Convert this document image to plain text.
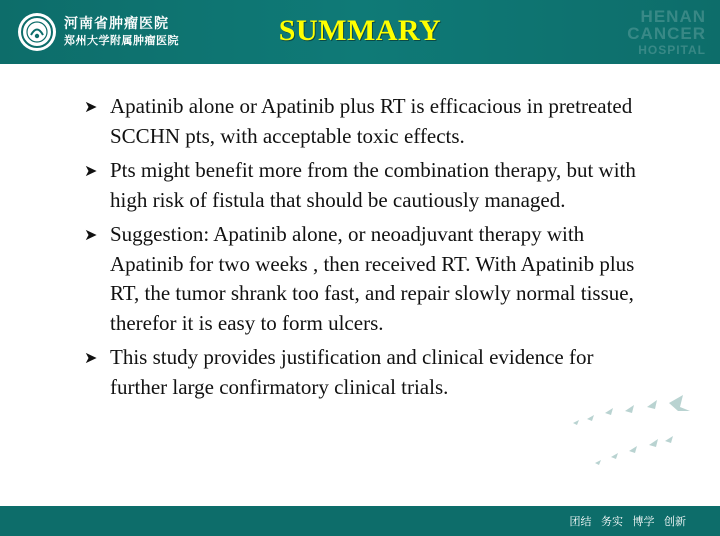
河南省肿瘤医院
郑州大学附属肿瘤医院	SUMMARY	HENAN
CANCER
HOSPITAL
➤ Apatinib alone or Apatinib plus RT is efficacious in pretreated SCCHN pts, with acceptable toxic effects.
➤ Pts might benefit more from the combination therapy, but with high risk of fistula that should be cautiously managed.
➤ Suggestion: Apatinib alone, or neoadjuvant therapy with Apatinib for two weeks , then received RT. With Apatinib plus RT, the tumor shrank too fast, and repair slowly normal tissue, therefor it is easy to form ulcers.
➤ This study provides justification and clinical evidence for further large confirmatory clinical trials.
团结 务实 博学 创新
